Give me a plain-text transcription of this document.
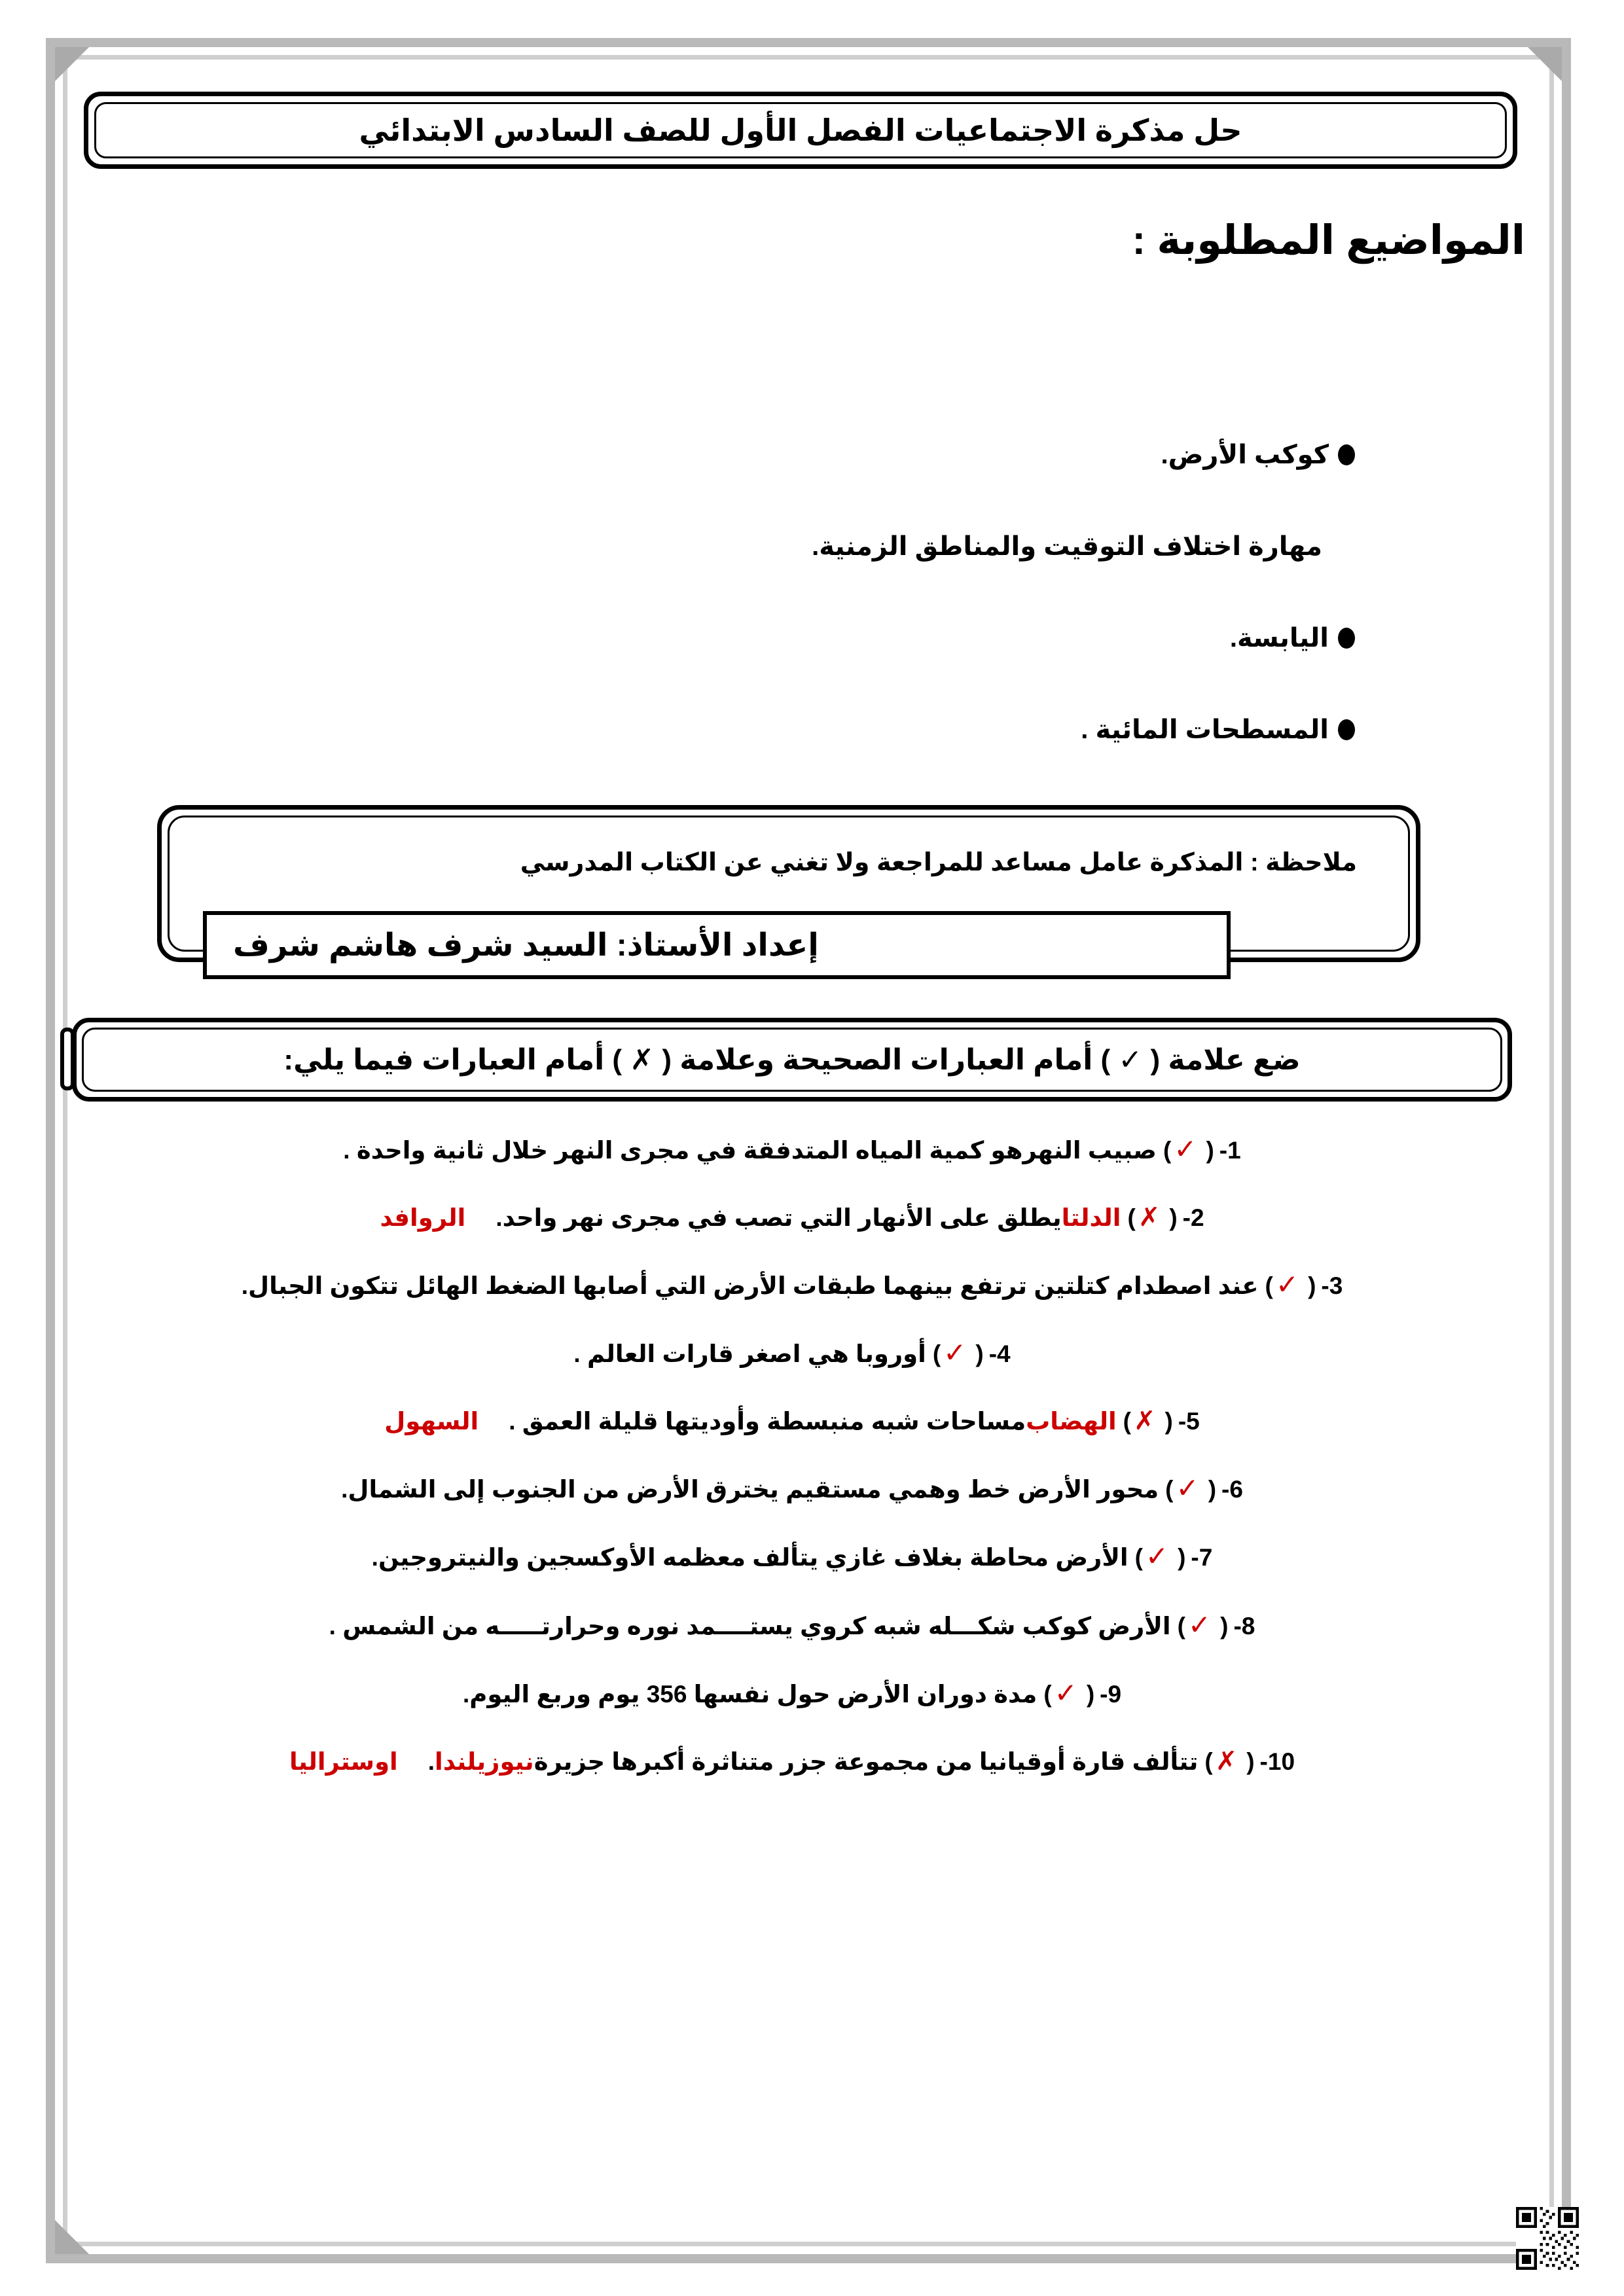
حل مذكرة الاجتماعيات الفصل الأول للصف السادس الابتدائي
المواضيع المطلوبة :
كوكب الأرض.
مهارة اختلاف التوقيت والمناطق الزمنية.
اليابسة.
المسطحات المائية .
ملاحظة : المذكرة عامل مساعد للمراجعة ولا تغني عن الكتاب المدرسي
إعداد الأستاذ: السيد شرف هاشم شرف
ضع علامة ( ✓ ) أمام العبارات الصحيحة وعلامة ( ✗ ) أمام العبارات فيما يلي:
1-
(
✓
)
صبيب النهرهو كمية المياه المتدفقة في مجرى النهر خلال ثانية واحدة .
2-
(
✗
)
الدلتا
يطلق على الأنهار التي تصب في مجرى نهر واحد.
الروافد
3-
(
✓
)
عند اصطدام كتلتين ترتفع بينهما طبقات الأرض التي أصابها الضغط الهائل تتكون الجبال.
4-
(
✓
)
أوروبا هي اصغر قارات العالم .
5-
(
✗
)
الهضاب
مساحات شبه منبسطة وأوديتها قليلة العمق .
السهول
6-
(
✓
)
محور الأرض خط وهمي مستقيم يخترق الأرض من الجنوب إلى الشمال.
7-
(
✓
)
الأرض محاطة بغلاف غازي يتألف معظمه الأوكسجين والنيتروجين.
8-
(
✓
)
الأرض كوكب شكـــله شبه كروي يستــــمد نوره وحرارتـــــه من الشمس .
9-
(
✓
)
مدة دوران الأرض حول نفسها 356 يوم وربع اليوم.
10-
(
✗
)
تتألف قارة أوقيانيا من مجموعة جزر متناثرة أكبرها جزيرة
نيوزيلندا
.
اوستراليا
